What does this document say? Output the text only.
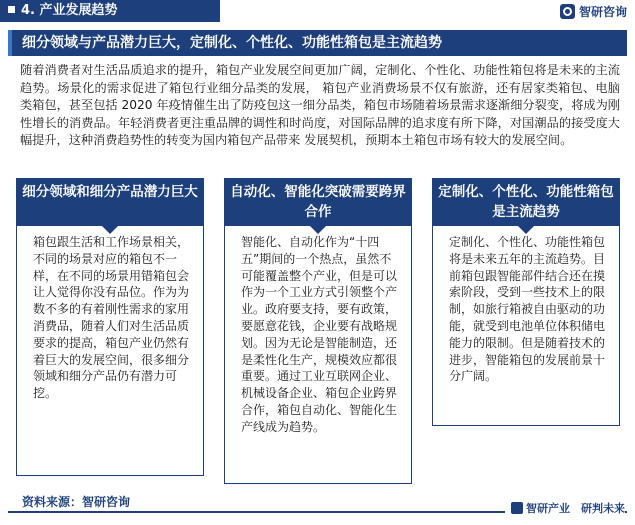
4. 产业发展趋势	智研咨询
细分领域与产品潜力巨大，定制化、个性化、功能性箱包是主流趋势

随着消费者对生活品质追求的提升，箱包产业发展空间更加广阔，定制化、个性化、功能性箱包将是未来的主流趋势。场景化的需求促进了箱包行业细分品类的发展， 箱包产业消费场景不仅有旅游，还有居家类箱包、电脑类箱包，甚至包括 2020 年疫情催生出了防疫包这一细分品类，箱包市场随着场景需求逐渐细分裂变，将成为刚性增长的消费品。年轻消费者更注重品牌的调性和时尚度，对国际品牌的追求度有所下降，对国潮品的接受度大幅提升，这种消费趋势性的转变为国内箱包产品带来 发展契机，预期本土箱包市场有较大的发展空间。

细分领域和细分产品潜力巨大
箱包跟生活和工作场景相关，不同的场景对应的箱包不一样，在不同的场景用错箱包会让人觉得你没有品位。作为为数不多的有着刚性需求的家用消费品，随着人们对生活品质要求的提高，箱包产业仍然有着巨大的发展空间，很多细分领域和细分产品仍有潜力可挖。
自动化、智能化突破需要跨界合作
智能化、自动化作为“十四五”期间的一个热点，虽然不可能覆盖整个产业，但是可以作为一个工业方式引领整个产业。政府要支持，要有政策，要愿意花钱，企业要有战略规划。因为无论是智能制造，还是柔性化生产，规模效应都很重要。通过工业互联网企业、机械设备企业、箱包企业跨界合作，箱包自动化、智能化生产线成为趋势。
定制化、个性化、功能性箱包是主流趋势
定制化、个性化、功能性箱包将是未来五年的主流趋势。目前箱包跟智能部件结合还在摸索阶段，受到一些技术上的限制，如旅行箱被自由驱动的功能，就受到电池单位体积储电能力的限制。但是随着技术的进步，智能箱包的发展前景十分广阔。
资料来源：智研咨询	智研产业　研判未来
